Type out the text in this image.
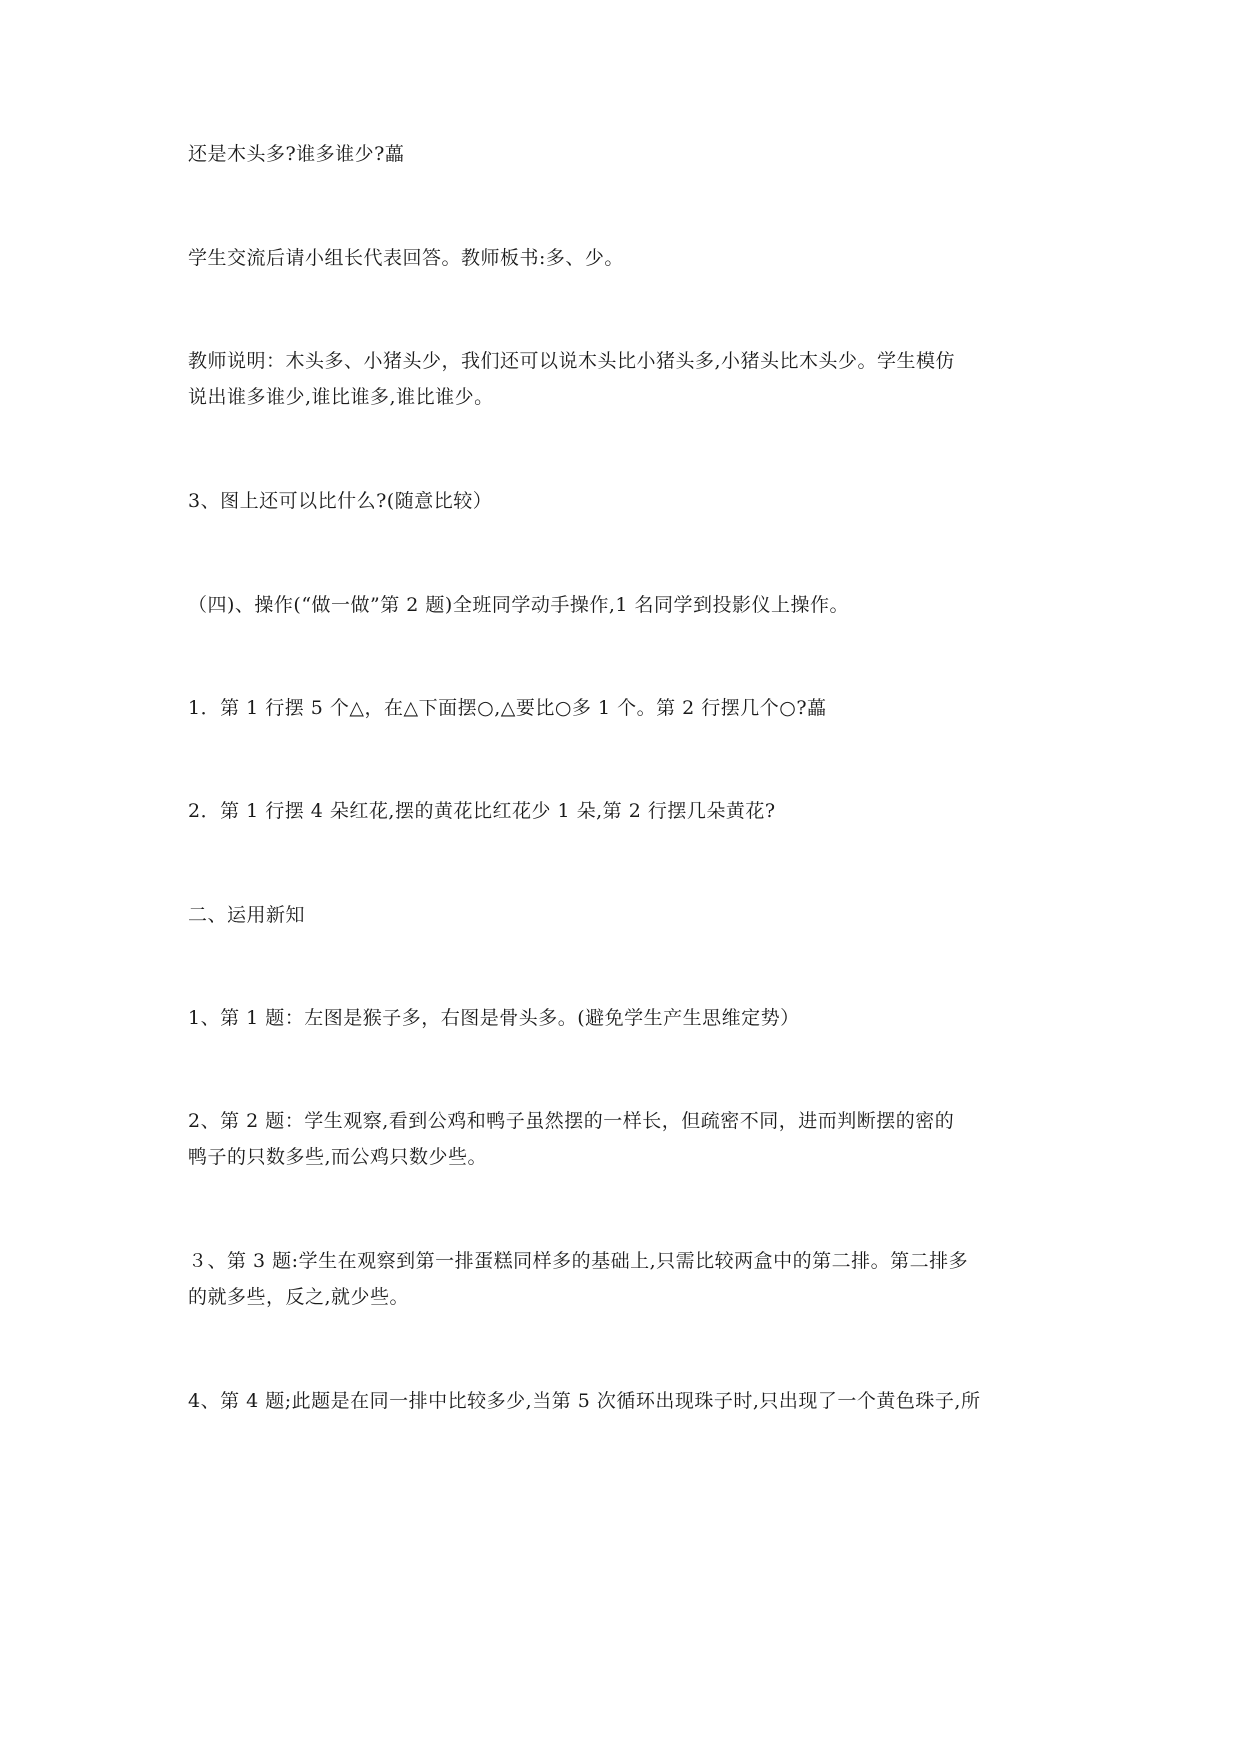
还是木头多?谁多谁少?藟

学生交流后请小组长代表回答。教师板书:多、少。

教师说明：木头多、小猪头少，我们还可以说木头比小猪头多,小猪头比木头少。学生模仿
说出谁多谁少,谁比谁多,谁比谁少。

3、图上还可以比什么?(随意比较）

（四)、操作(“做一做”第 2 题)全班同学动手操作,1 名同学到投影仪上操作。

1．第 1 行摆 5 个△，在△下面摆○,△要比○多 1 个。第 2 行摆几个○?藟

2．第 1 行摆 4 朵红花,摆的黄花比红花少 1 朵,第 2 行摆几朵黄花?

二、运用新知

1、第 1 题：左图是猴子多，右图是骨头多。(避免学生产生思维定势）

2、第 2 题：学生观察,看到公鸡和鸭子虽然摆的一样长，但疏密不同，进而判断摆的密的
鸭子的只数多些,而公鸡只数少些。

３、第 3 题:学生在观察到第一排蛋糕同样多的基础上,只需比较两盒中的第二排。第二排多
的就多些，反之,就少些。

4、第 4 题;此题是在同一排中比较多少,当第 5 次循环出现珠子时,只出现了一个黄色珠子,所
